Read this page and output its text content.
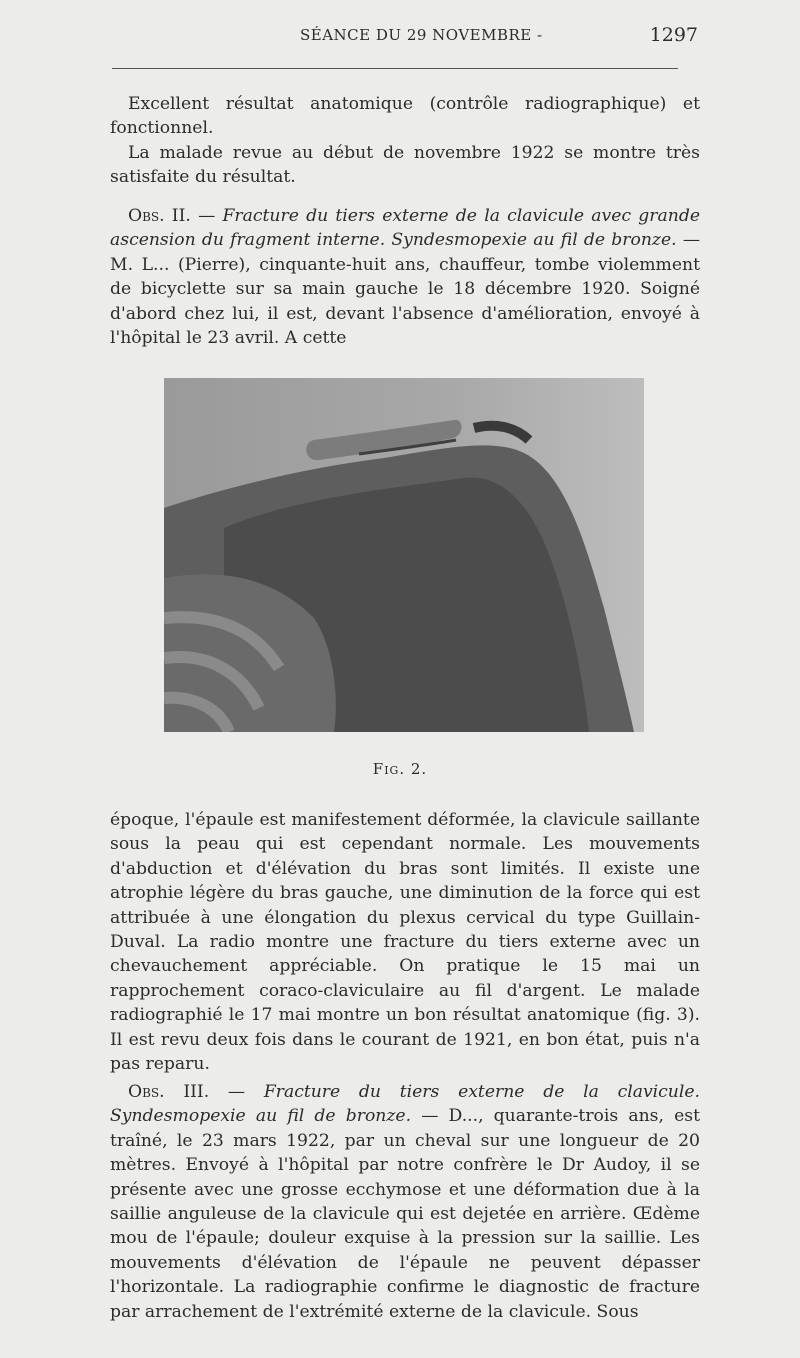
SÉANCE DU 29 NOVEMBRE -	1297

Excellent résultat anatomique (contrôle radiographique) et fonctionnel.

La malade revue au début de novembre 1922 se montre très satisfaite du résultat.

Obs. II. — Fracture du tiers externe de la clavicule avec grande ascension du fragment interne. Syndesmopexie au fil de bronze. — M. L... (Pierre), cinquante-huit ans, chauffeur, tombe violemment de bicyclette sur sa main gauche le 18 décembre 1920. Soigné d'abord chez lui, il est, devant l'absence d'amélioration, envoyé à l'hôpital le 23 avril. A cette

Fig. 2.

époque, l'épaule est manifestement déformée, la clavicule saillante sous la peau qui est cependant normale. Les mouvements d'abduction et d'élévation du bras sont limités. Il existe une atrophie légère du bras gauche, une diminution de la force qui est attribuée à une élongation du plexus cervical du type Guillain-Duval. La radio montre une fracture du tiers externe avec un chevauchement appréciable. On pratique le 15 mai un rapprochement coraco-claviculaire au fil d'argent. Le malade radiographié le 17 mai montre un bon résultat anatomique (fig. 3). Il est revu deux fois dans le courant de 1921, en bon état, puis n'a pas reparu.

Obs. III. — Fracture du tiers externe de la clavicule. Syndesmopexie au fil de bronze. — D..., quarante-trois ans, est traîné, le 23 mars 1922, par un cheval sur une longueur de 20 mètres. Envoyé à l'hôpital par notre confrère le Dr Audoy, il se présente avec une grosse ecchymose et une déformation due à la saillie anguleuse de la clavicule qui est dejetée en arrière. Œdème mou de l'épaule; douleur exquise à la pression sur la saillie. Les mouvements d'élévation de l'épaule ne peuvent dépasser l'horizontale. La radiographie confirme le diagnostic de fracture par arrachement de l'extrémité externe de la clavicule. Sous
